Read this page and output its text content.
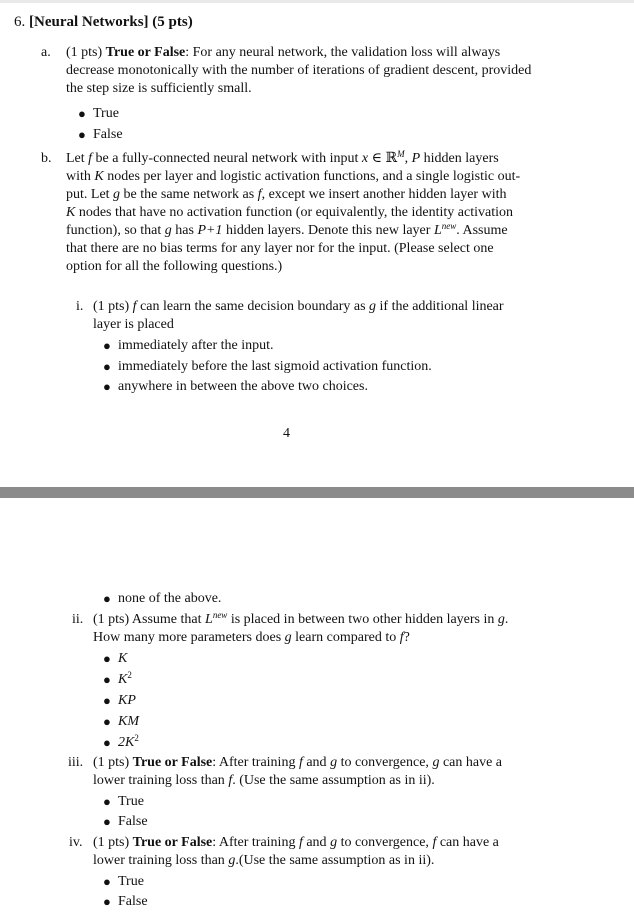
6. [Neural Networks] (5 pts)
a. (1 pts) True or False: For any neural network, the validation loss will always
decrease monotonically with the number of iterations of gradient descent, provided
the step size is sufficiently small.
● True
● False
b. Let f be a fully-connected neural network with input x ∈ ℝ$^M$, P hidden layers
with K nodes per layer and logistic activation functions, and a single logistic out-
put. Let g be the same network as f, except we insert another hidden layer with
K nodes that have no activation function (or equivalently, the identity activation
function), so that g has P+1 hidden layers. Denote this new layer $L^{new}$. Assume
that there are no bias terms for any layer nor for the input. (Please select one
option for all the following questions.)
i. (1 pts) f can learn the same decision boundary as g if the additional linear
layer is placed
● immediately after the input.
● immediately before the last sigmoid activation function.
● anywhere in between the above two choices.
4
● none of the above.
ii. (1 pts) Assume that $L^{new}$ is placed in between two other hidden layers in g.
How many more parameters does g learn compared to f?
● K
● $K^2$
● KP
● KM
● $2K^2$
iii. (1 pts) True or False: After training f and g to convergence, g can have a
lower training loss than f. (Use the same assumption as in ii).
● True
● False
iv. (1 pts) True or False: After training f and g to convergence, f can have a
lower training loss than g.(Use the same assumption as in ii).
● True
● False
